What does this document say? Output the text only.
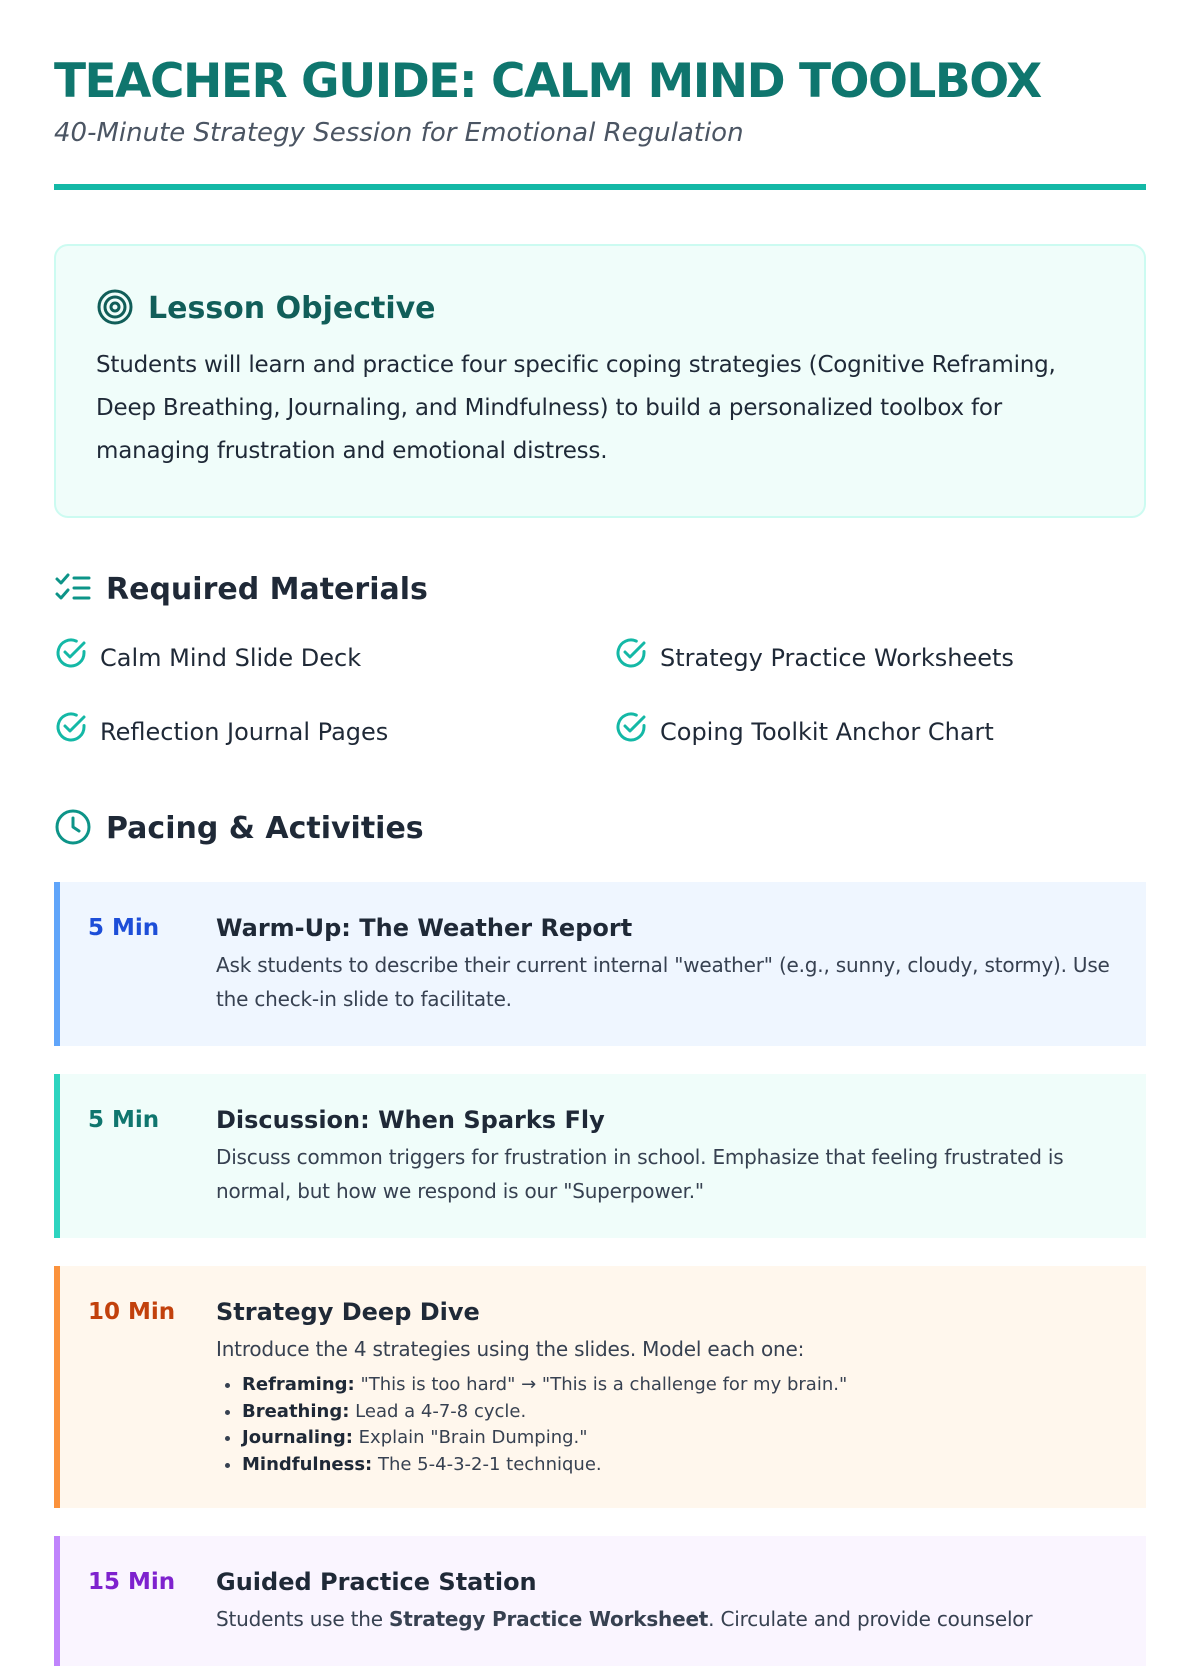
TEACHER GUIDE: CALM MIND TOOLBOX
40-Minute Strategy Session for Emotional Regulation
Lesson Objective

Students will learn and practice four specific coping strategies (Cognitive Reframing, Deep Breathing, Journaling, and Mindfulness) to build a personalized toolbox for managing frustration and emotional distress.

Required Materials
Calm Mind Slide Deck	Strategy Practice Worksheets
Reflection Journal Pages	Coping Toolkit Anchor Chart
Pacing & Activities
5 Min	Warm-Up: The Weather Report
Ask students to describe their current internal "weather" (e.g., sunny, cloudy, stormy). Use the check-in slide to facilitate.
5 Min	Discussion: When Sparks Fly
Discuss common triggers for frustration in school. Emphasize that feeling frustrated is normal, but how we respond is our "Superpower."
10 Min	Strategy Deep Dive
Introduce the 4 strategies using the slides. Model each one:
• Reframing: "This is too hard" → "This is a challenge for my brain."
• Breathing: Lead a 4-7-8 cycle.
• Journaling: Explain "Brain Dumping."
• Mindfulness: The 5-4-3-2-1 technique.
15 Min	Guided Practice Station
Students use the Strategy Practice Worksheet. Circulate and provide counselor
